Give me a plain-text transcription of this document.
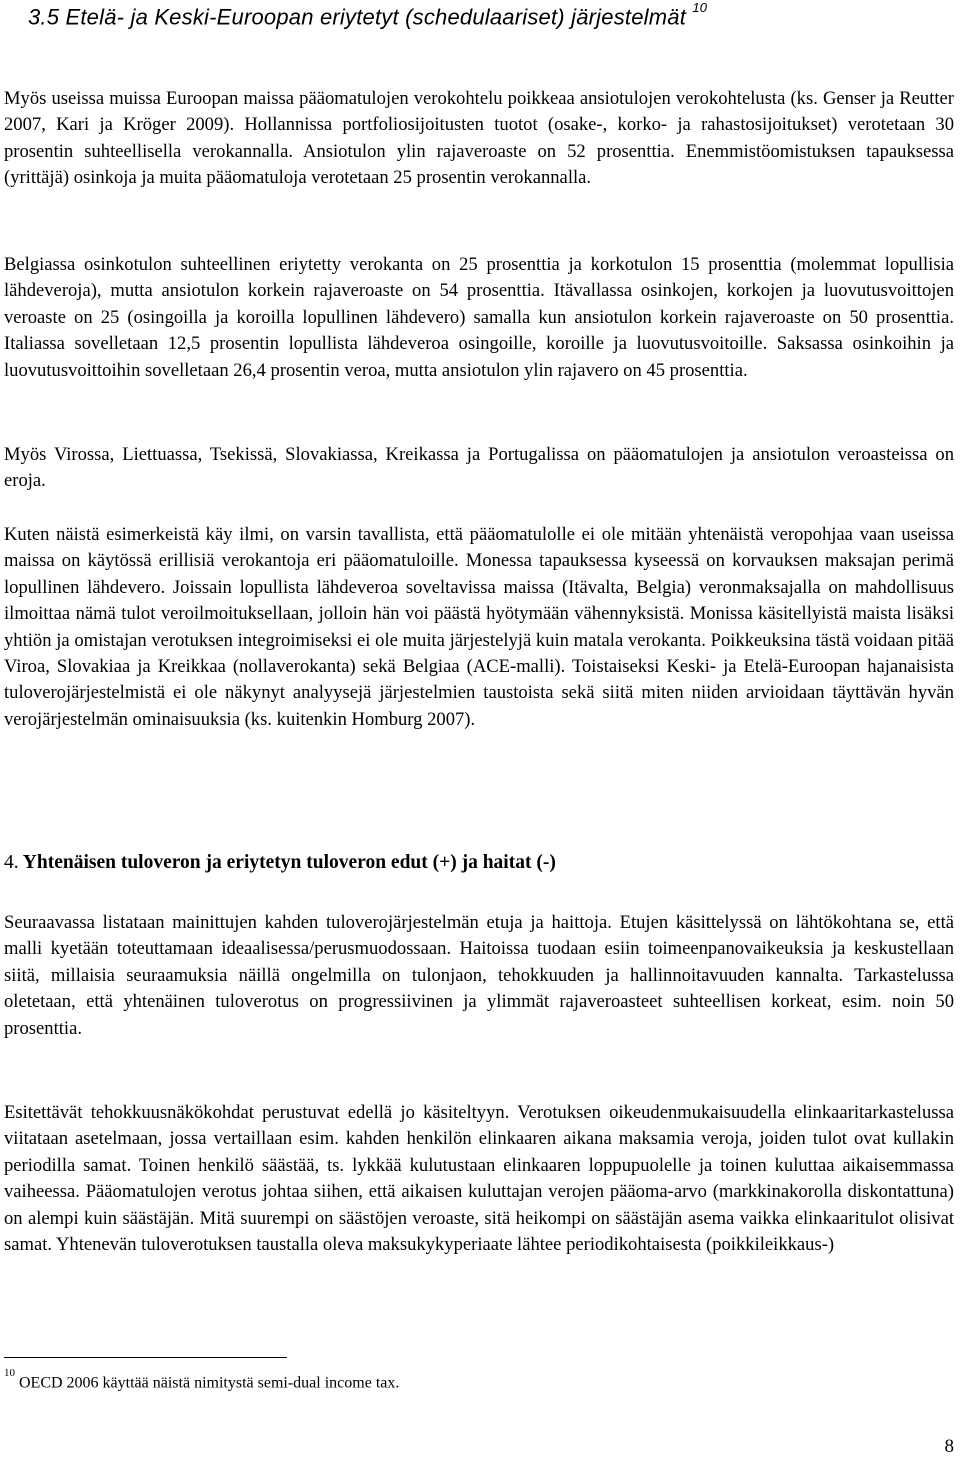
3.5 Etelä- ja Keski-Euroopan eriytetyt (schedulaariset) järjestelmät $^{10}$
Myös useissa muissa Euroopan maissa pääomatulojen verokohtelu poikkeaa ansiotulojen verokohtelusta (ks. Genser ja Reutter 2007, Kari ja Kröger 2009). Hollannissa portfoliosijoitusten tuotot (osake-, korko- ja rahastosijoitukset) verotetaan 30 prosentin suhteellisella verokannalla. Ansiotulon ylin rajaveroaste on 52 prosenttia. Enemmistöomistuksen tapauksessa (yrittäjä) osinkoja ja muita pääomatuloja verotetaan 25 prosentin verokannalla.
Belgiassa osinkotulon suhteellinen eriytetty verokanta on 25 prosenttia ja korkotulon 15 prosenttia (molemmat lopullisia lähdeveroja), mutta ansiotulon korkein rajaveroaste on 54 prosenttia. Itävallassa osinkojen, korkojen ja luovutusvoittojen veroaste on 25 (osingoilla ja koroilla lopullinen lähdevero) samalla kun ansiotulon korkein rajaveroaste on 50 prosenttia. Italiassa sovelletaan 12,5 prosentin lopullista lähdeveroa osingoille, koroille ja luovutusvoitoille. Saksassa osinkoihin ja luovutusvoittoihin sovelletaan 26,4 prosentin veroa, mutta ansiotulon ylin rajavero on 45 prosenttia.
Myös Virossa, Liettuassa, Tsekissä, Slovakiassa, Kreikassa ja Portugalissa on pääomatulojen ja ansiotulon veroasteissa on eroja.
Kuten näistä esimerkeistä käy ilmi, on varsin tavallista, että pääomatulolle ei ole mitään yhtenäistä veropohjaa vaan useissa maissa on käytössä erillisiä verokantoja eri pääomatuloille. Monessa tapauksessa kyseessä on korvauksen maksajan perimä lopullinen lähdevero. Joissain lopullista lähdeveroa soveltavissa maissa (Itävalta, Belgia) veronmaksajalla on mahdollisuus ilmoittaa nämä tulot veroilmoituksellaan, jolloin hän voi päästä hyötymään vähennyksistä. Monissa käsitellyistä maista lisäksi yhtiön ja omistajan verotuksen integroimiseksi ei ole muita järjestelyjä kuin matala verokanta. Poikkeuksina tästä voidaan pitää Viroa, Slovakiaa ja Kreikkaa (nollaverokanta) sekä Belgiaa (ACE-malli). Toistaiseksi Keski- ja Etelä-Euroopan hajanaisista tuloverojärjestelmistä ei ole näkynyt analyysejä järjestelmien taustoista sekä siitä miten niiden arvioidaan täyttävän hyvän verojärjestelmän ominaisuuksia (ks. kuitenkin Homburg 2007).
4. Yhtenäisen tuloveron ja eriytetyn tuloveron edut (+) ja haitat (-)
Seuraavassa listataan mainittujen kahden tuloverojärjestelmän etuja ja haittoja. Etujen käsittelyssä on lähtökohtana se, että malli kyetään toteuttamaan ideaalisessa/perusmuodossaan. Haitoissa tuodaan esiin toimeenpanovaikeuksia ja keskustellaan siitä, millaisia seuraamuksia näillä ongelmilla on tulonjaon, tehokkuuden ja hallinnoitavuuden kannalta. Tarkastelussa oletetaan, että yhtenäinen tuloverotus on progressiivinen ja ylimmät rajaveroasteet suhteellisen korkeat, esim. noin 50 prosenttia.
Esitettävät tehokkuusnäkökohdat perustuvat edellä jo käsiteltyyn. Verotuksen oikeudenmukaisuudella elinkaaritarkastelussa viitataan asetelmaan, jossa vertaillaan esim. kahden henkilön elinkaaren aikana maksamia veroja, joiden tulot ovat kullakin periodilla samat. Toinen henkilö säästää, ts. lykkää kulutustaan elinkaaren loppupuolelle ja toinen kuluttaa aikaisemmassa vaiheessa. Pääomatulojen verotus johtaa siihen, että aikaisen kuluttajan verojen pääoma-arvo (markkinakorolla diskontattuna) on alempi kuin säästäjän. Mitä suurempi on säästöjen veroaste, sitä heikompi on säästäjän asema vaikka elinkaaritulot olisivat samat. Yhtenevän tuloverotuksen taustalla oleva maksukykyperiaate lähtee periodikohtaisesta (poikkileikkaus-)
$^{10}$OECD 2006 käyttää näistä nimitystä semi-dual income tax.
8
